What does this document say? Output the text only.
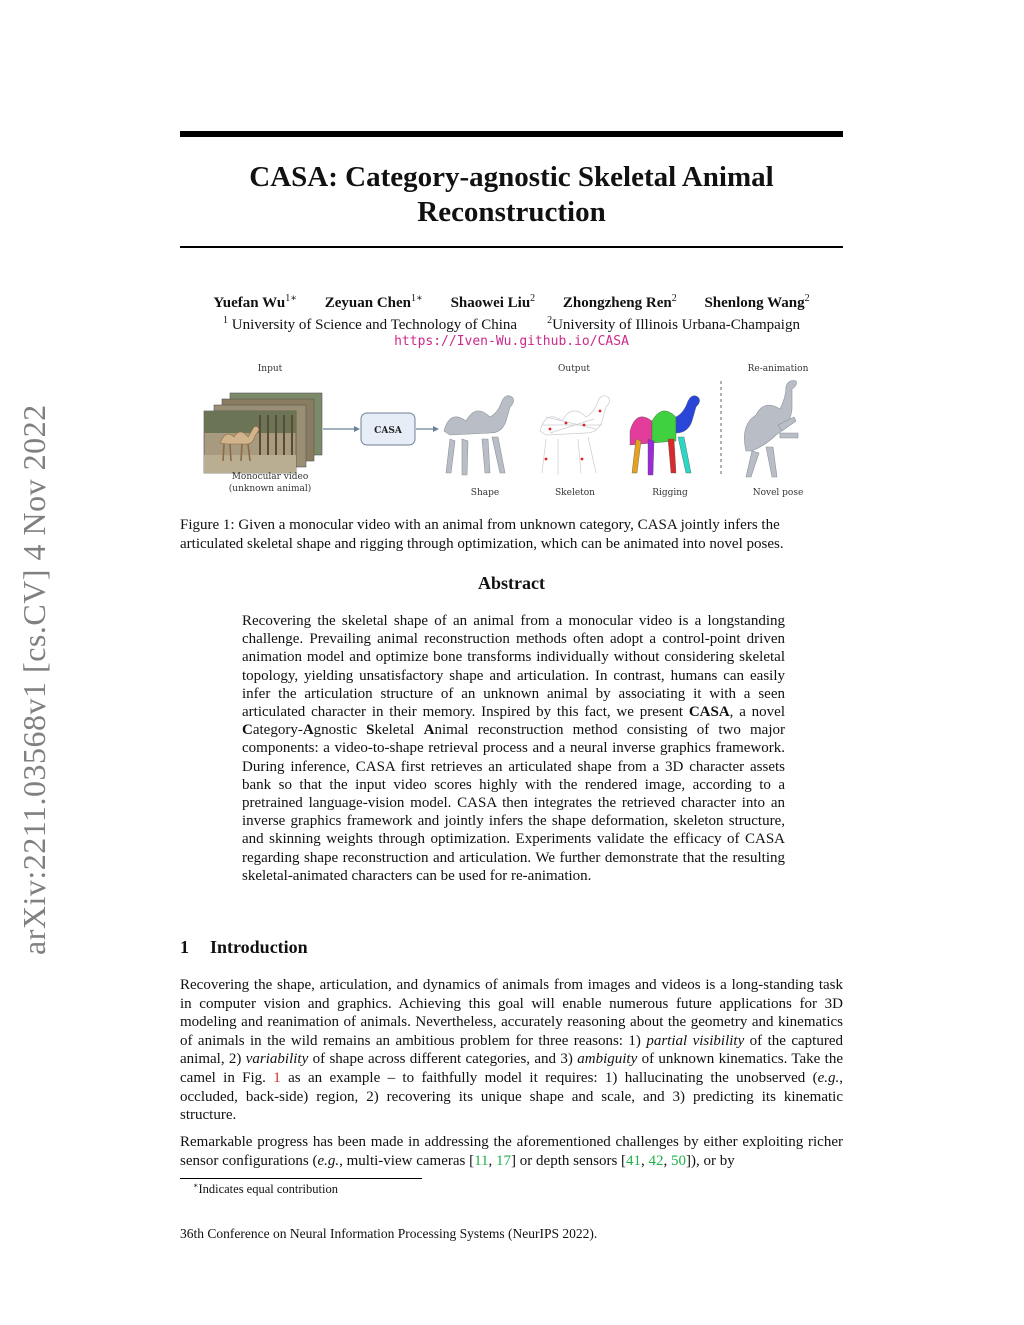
arXiv:2211.03568v1 [cs.CV] 4 Nov 2022
CASA: Category-agnostic Skeletal Animal
Reconstruction
Yuefan $Wu^{1∗}$ Zeyuan Chen$^{1∗}$ Shaowei Liu$^2$ Zhongzheng Ren$^2$ Shenlong Wang$^2$
$^1$ University of Science and Technology of China	$^2$University of Illinois Urbana-Champaign
https://Iven-Wu.github.io/CASA
Input	Output	Re-animation
Monocular video
(unknown animal)
CASA
Shape	Skeleton	Rigging	Novel pose
Figure 1: Given a monocular video with an animal from unknown category, CASA jointly infers the articulated skeletal shape and rigging through optimization, which can be animated into novel poses.
Abstract
Recovering the skeletal shape of an animal from a monocular video is a longstanding challenge. Prevailing animal reconstruction methods often adopt a control-point driven animation model and optimize bone transforms individually without considering skeletal topology, yielding unsatisfactory shape and articulation. In contrast, humans can easily infer the articulation structure of an unknown animal by associating it with a seen articulated character in their memory. Inspired by this fact, we present CASA, a novel Category-Agnostic Skeletal Animal reconstruction method consisting of two major components: a video-to-shape retrieval process and a neural inverse graphics framework. During inference, CASA first retrieves an articulated shape from a 3D character assets bank so that the input video scores highly with the rendered image, according to a pretrained language-vision model. CASA then integrates the retrieved character into an inverse graphics framework and jointly infers the shape deformation, skeleton structure, and skinning weights through optimization. Experiments validate the efficacy of CASA regarding shape reconstruction and articulation. We further demonstrate that the resulting skeletal-animated characters can be used for re-animation.
1 Introduction
Recovering the shape, articulation, and dynamics of animals from images and videos is a long-standing task in computer vision and graphics. Achieving this goal will enable numerous future applications for 3D modeling and reanimation of animals. Nevertheless, accurately reasoning about the geometry and kinematics of animals in the wild remains an ambitious problem for three reasons: 1) partial visibility of the captured animal, 2) variability of shape across different categories, and 3) ambiguity of unknown kinematics. Take the camel in Fig. 1 as an example – to faithfully model it requires: 1) hallucinating the unobserved (e.g., occluded, back-side) region, 2) recovering its unique shape and scale, and 3) predicting its kinematic structure.
Remarkable progress has been made in addressing the aforementioned challenges by either exploiting richer sensor configurations (e.g., multi-view cameras [11, 17] or depth sensors [41, 42, 50]), or by
∗Indicates equal contribution
36th Conference on Neural Information Processing Systems (NeurIPS 2022).
